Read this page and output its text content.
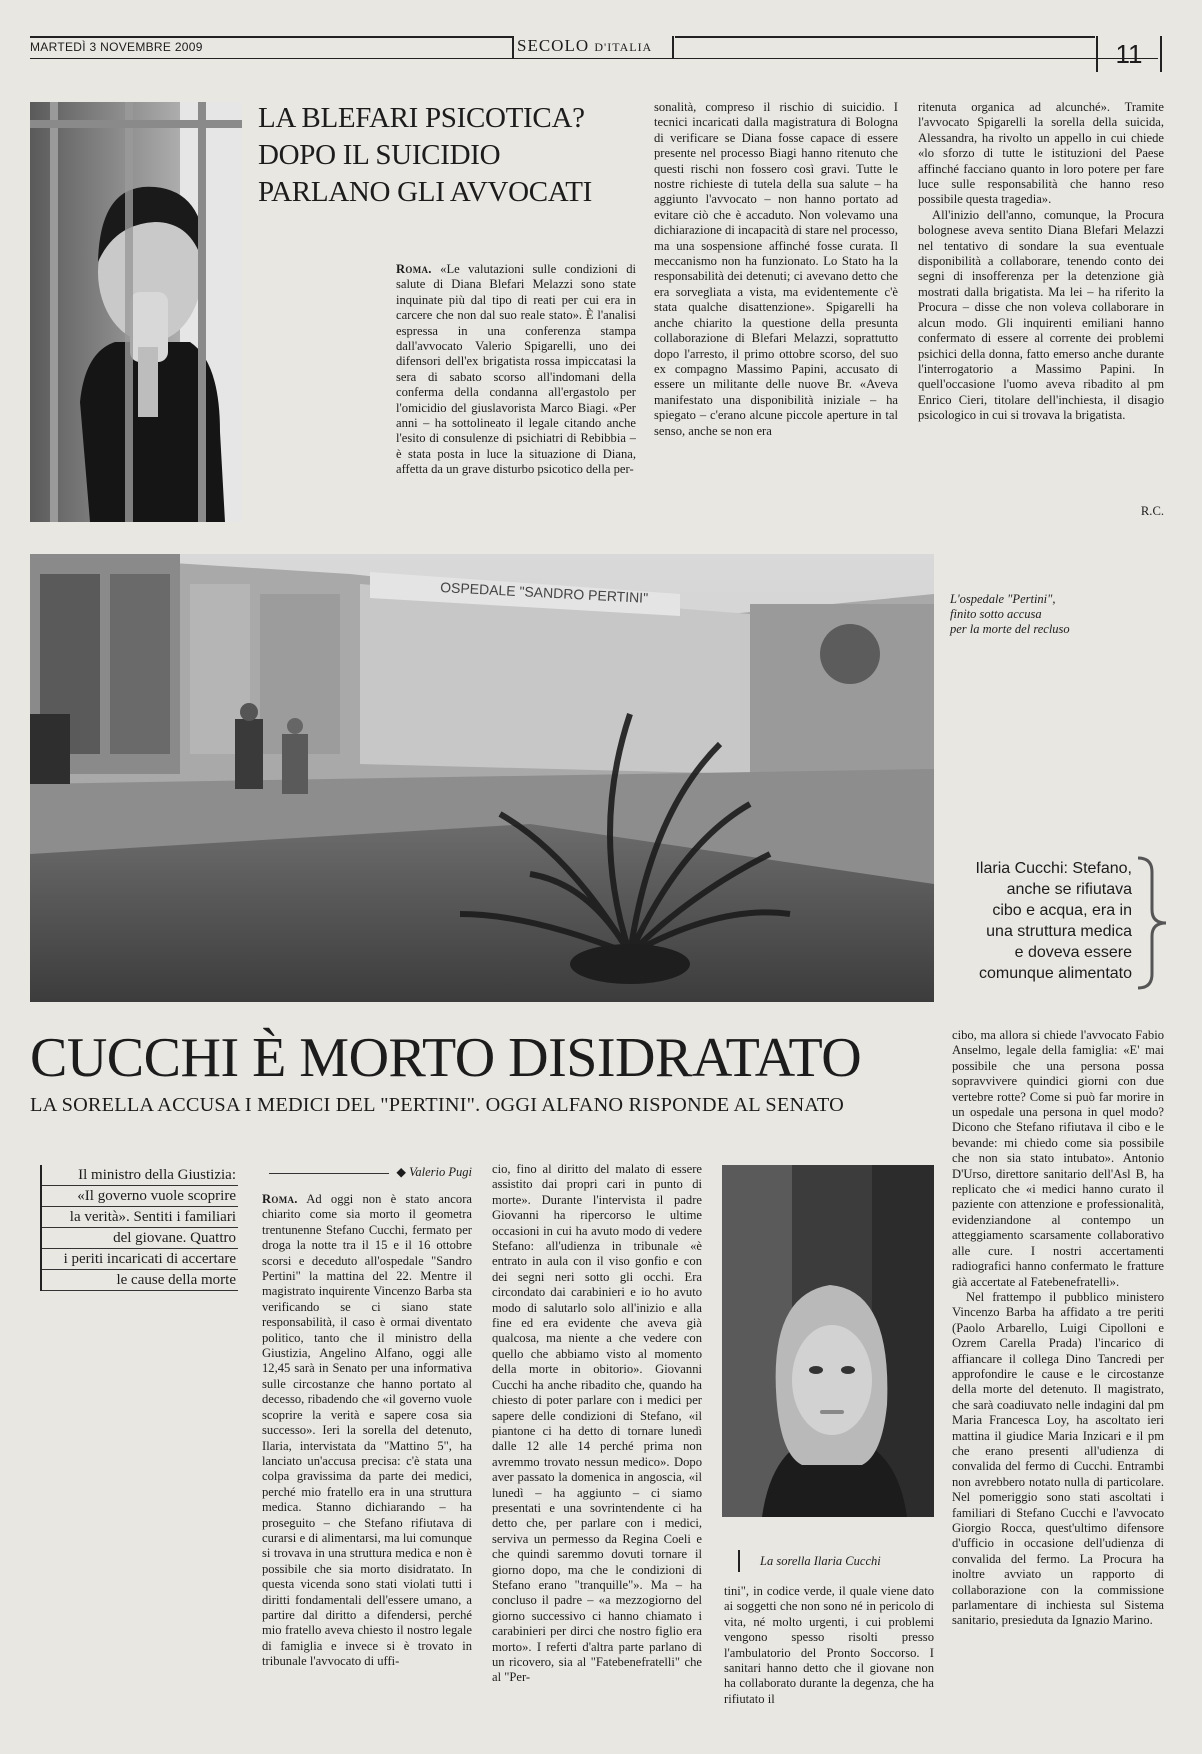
MARTEDÌ 3 NOVEMBRE 2009	SECOLO D'ITALIA	11
LA BLEFARI PSICOTICA?
DOPO IL SUICIDIO
PARLANO GLI AVVOCATI

Roma. «Le valutazioni sulle condizioni di salute di Diana Blefari Melazzi sono state inquinate più dal tipo di reati per cui era in carcere che non dal suo reale stato». È l'analisi espressa in una conferenza stampa dall'avvocato Valerio Spigarelli, uno dei difensori dell'ex brigatista rossa impiccatasi la sera di sabato scorso all'indomani della conferma della condanna all'ergastolo per l'omicidio del giuslavorista Marco Biagi. «Per anni – ha sottolineato il legale citando anche l'esito di consulenze di psichiatri di Rebibbia – è stata posta in luce la situazione di Diana, affetta da un grave disturbo psicotico della per-

sonalità, compreso il rischio di suicidio. I tecnici incaricati dalla magistratura di Bologna di verificare se Diana fosse capace di essere presente nel processo Biagi hanno ritenuto che questi rischi non fossero così gravi. Tutte le nostre richieste di tutela della sua salute – ha aggiunto l'avvocato – non hanno portato ad evitare ciò che è accaduto. Non volevamo una dichiarazione di incapacità di stare nel processo, ma una sospensione affinché fosse curata. Il meccanismo non ha funzionato. Lo Stato ha la responsabilità dei detenuti; ci avevano detto che era sorvegliata a vista, ma evidentemente c'è stata qualche disattenzione». Spigarelli ha anche chiarito la questione della presunta collaborazione di Blefari Melazzi, soprattutto dopo l'arresto, il primo ottobre scorso, del suo ex compagno Massimo Papini, accusato di essere un militante delle nuove Br. «Aveva manifestato una disponibilità iniziale – ha spiegato – c'erano alcune piccole aperture in tal senso, anche se non era

ritenuta organica ad alcunché». Tramite l'avvocato Spigarelli la sorella della suicida, Alessandra, ha rivolto un appello in cui chiede «lo sforzo di tutte le istituzioni del Paese affinché facciano quanto in loro potere per fare luce sulle responsabilità che hanno reso possibile questa tragedia».

All'inizio dell'anno, comunque, la Procura bolognese aveva sentito Diana Blefari Melazzi nel tentativo di sondare la sua eventuale disponibilità a collaborare, tenendo conto dei segni di insofferenza per la detenzione già mostrati dalla brigatista. Ma lei – ha riferito la Procura – disse che non voleva collaborare in alcun modo. Gli inquirenti emiliani hanno confermato di essere al corrente dei problemi psichici della donna, fatto emerso anche durante l'interrogatorio a Massimo Papini. In quell'occasione l'uomo aveva ribadito al pm Enrico Cieri, titolare dell'inchiesta, il disagio psicologico in cui si trovava la brigatista.

R.C.
OSPEDALE "SANDRO PERTINI"	L'ospedale "Pertini",
finito sotto accusa
per la morte del recluso
Ilaria Cucchi: Stefano,
anche se rifiutava
cibo e acqua, era in
una struttura medica
e doveva essere
comunque alimentato
CUCCHI È MORTO DISIDRATATO
LA SORELLA ACCUSA I MEDICI DEL "PERTINI". OGGI ALFANO RISPONDE AL SENATO
Il ministro della Giustizia:
«Il governo vuole scoprire
la verità». Sentiti i familiari
del giovane. Quattro
i periti incaricati di accertare
le cause della morte
◆ Valerio Pugi

Roma. Ad oggi non è stato ancora chiarito come sia morto il geometra trentunenne Stefano Cucchi, fermato per droga la notte tra il 15 e il 16 ottobre scorsi e deceduto all'ospedale "Sandro Pertini" la mattina del 22. Mentre il magistrato inquirente Vincenzo Barba sta verificando se ci siano state responsabilità, il caso è ormai diventato politico, tanto che il ministro della Giustizia, Angelino Alfano, oggi alle 12,45 sarà in Senato per una informativa sulle circostanze che hanno portato al decesso, ribadendo che «il governo vuole scoprire la verità e sapere cosa sia successo». Ieri la sorella del detenuto, Ilaria, intervistata da "Mattino 5", ha lanciato un'accusa precisa: c'è stata una colpa gravissima da parte dei medici, perché mio fratello era in una struttura medica. Stanno dichiarando – ha proseguito – che Stefano rifiutava di curarsi e di alimentarsi, ma lui comunque si trovava in una struttura medica e non è possibile che sia morto disidratato. In questa vicenda sono stati violati tutti i diritti fondamentali dell'essere umano, a partire dal diritto a difendersi, perché mio fratello aveva chiesto il nostro legale di famiglia e invece si è trovato in tribunale l'avvocato di uffi-

cio, fino al diritto del malato di essere assistito dai propri cari in punto di morte». Durante l'intervista il padre Giovanni ha ripercorso le ultime occasioni in cui ha avuto modo di vedere Stefano: all'udienza in tribunale «è entrato in aula con il viso gonfio e con dei segni neri sotto gli occhi. Era circondato dai carabinieri e io ho avuto modo di salutarlo solo all'inizio e alla fine ed era evidente che aveva già qualcosa, ma niente a che vedere con quello che abbiamo visto al momento della morte in obitorio». Giovanni Cucchi ha anche ribadito che, quando ha chiesto di poter parlare con i medici per sapere delle condizioni di Stefano, «il piantone ci ha detto di tornare lunedì dalle 12 alle 14 perché prima non avremmo trovato nessun medico». Dopo aver passato la domenica in angoscia, «il lunedì – ha aggiunto – ci siamo presentati e una sovrintendente ci ha detto che, per parlare con i medici, serviva un permesso da Regina Coeli e che quindi saremmo dovuti tornare il giorno dopo, ma che le condizioni di Stefano erano "tranquille"». Ma – ha concluso il padre – «a mezzogiorno del giorno successivo ci hanno chiamato i carabinieri per dirci che nostro figlio era morto». I referti d'altra parte parlano di un ricovero, sia al "Fatebenefratelli" che al "Per-

La sorella Ilaria Cucchi

tini", in codice verde, il quale viene dato ai soggetti che non sono né in pericolo di vita, né molto urgenti, i cui problemi vengono spesso risolti presso l'ambulatorio del Pronto Soccorso. I sanitari hanno detto che il giovane non ha collaborato durante la degenza, che ha rifiutato il

cibo, ma allora si chiede l'avvocato Fabio Anselmo, legale della famiglia: «E' mai possibile che una persona possa sopravvivere quindici giorni con due vertebre rotte? Come si può far morire in un ospedale una persona in quel modo? Dicono che Stefano rifiutava il cibo e le bevande: mi chiedo come sia possibile che non sia stato intubato». Antonio D'Urso, direttore sanitario dell'Asl B, ha replicato che «i medici hanno curato il paziente con attenzione e professionalità, evidenziandone al contempo un atteggiamento scarsamente collaborativo alle cure. I nostri accertamenti radiografici hanno confermato le fratture già accertate al Fatebenefratelli».

Nel frattempo il pubblico ministero Vincenzo Barba ha affidato a tre periti (Paolo Arbarello, Luigi Cipolloni e Ozrem Carella Prada) l'incarico di affiancare il collega Dino Tancredi per approfondire le cause e le circostanze della morte del detenuto. Il magistrato, che sarà coadiuvato nelle indagini dal pm Maria Francesca Loy, ha ascoltato ieri mattina il giudice Maria Inzicari e il pm che erano presenti all'udienza di convalida del fermo di Cucchi. Entrambi non avrebbero notato nulla di particolare. Nel pomeriggio sono stati ascoltati i familiari di Stefano Cucchi e l'avvocato Giorgio Rocca, quest'ultimo difensore d'ufficio in occasione dell'udienza di convalida del fermo. La Procura ha inoltre avviato un rapporto di collaborazione con la commissione parlamentare di inchiesta sul Sistema sanitario, presieduta da Ignazio Marino.
